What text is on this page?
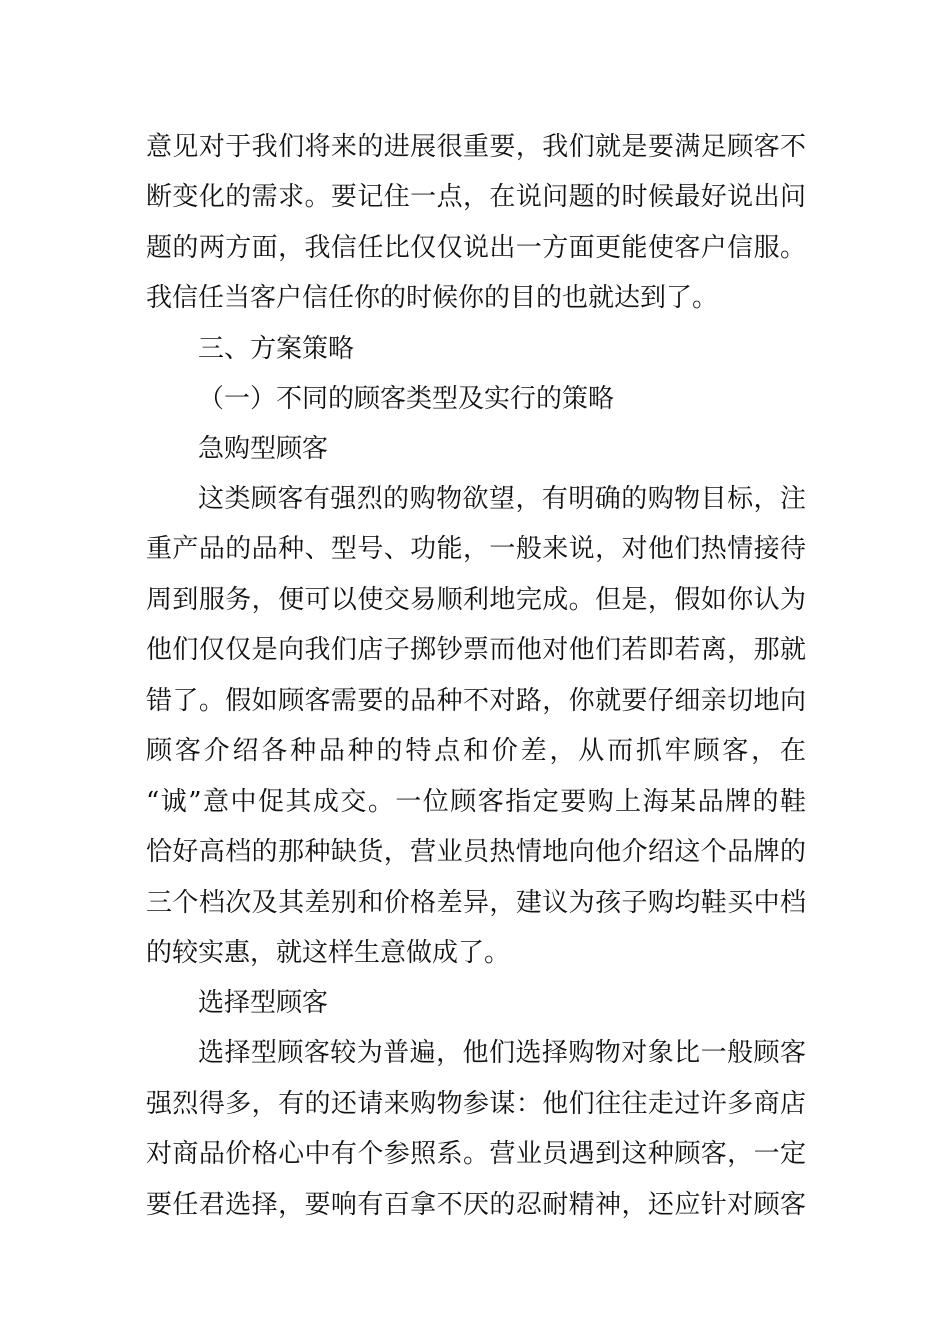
意见对于我们将来的进展很重要，我们就是要满足顾客不
断变化的需求。要记住一点，在说问题的时候最好说出问
题的两方面，我信任比仅仅说出一方面更能使客户信服。
我信任当客户信任你的时候你的目的也就达到了。
三、方案策略
（一）不同的顾客类型及实行的策略
急购型顾客
这类顾客有强烈的购物欲望，有明确的购物目标，注
重产品的品种、型号、功能，一般来说，对他们热情接待
周到服务，便可以使交易顺利地完成。但是，假如你认为
他们仅仅是向我们店子掷钞票而他对他们若即若离，那就
错了。假如顾客需要的品种不对路，你就要仔细亲切地向
顾客介绍各种品种的特点和价差，从而抓牢顾客，在
“诚”意中促其成交。一位顾客指定要购上海某品牌的鞋
恰好高档的那种缺货，营业员热情地向他介绍这个品牌的
三个档次及其差别和价格差异，建议为孩子购均鞋买中档
的较实惠，就这样生意做成了。
选择型顾客
选择型顾客较为普遍，他们选择购物对象比一般顾客
强烈得多，有的还请来购物参谋：他们往往走过许多商店
对商品价格心中有个参照系。营业员遇到这种顾客，一定
要任君选择，要响有百拿不厌的忍耐精神，还应针对顾客
